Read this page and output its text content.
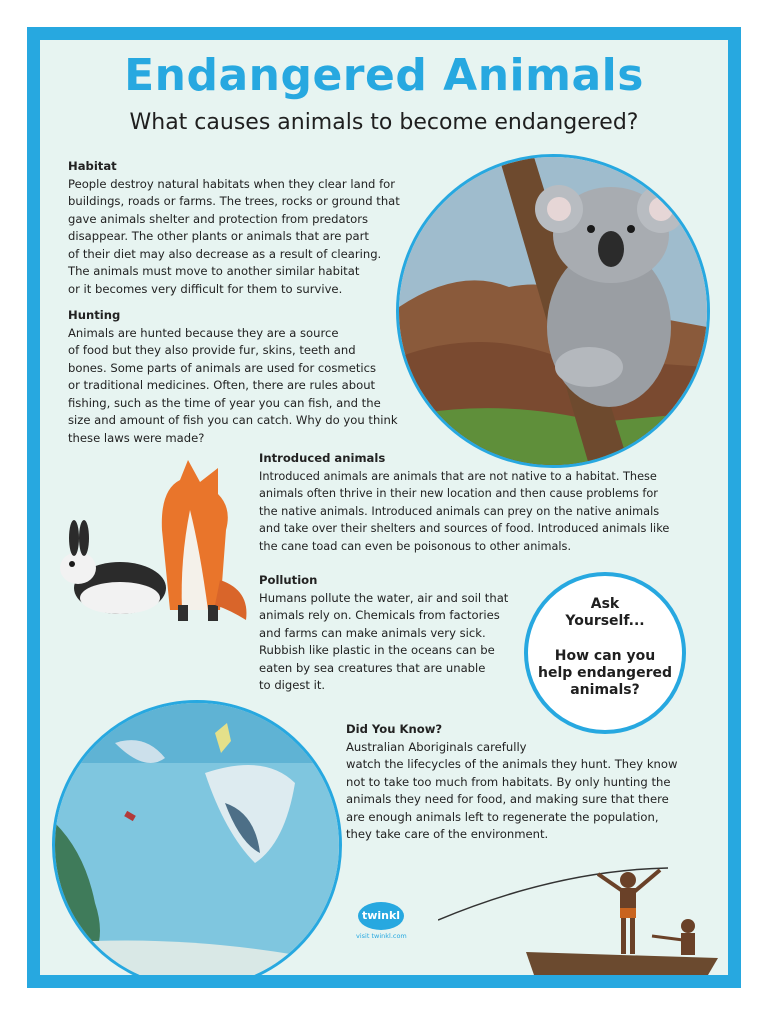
Endangered Animals
What causes animals to become endangered?
Ask
Yourself...
How can you help endangered animals?
Habitat

People destroy natural habitats when they clear land for

buildings, roads or farms. The trees, rocks or ground that

gave animals shelter and protection from predators

disappear. The other plants or animals that are part

of their diet may also decrease as a result of clearing.

The animals must move to another similar habitat

or it becomes very difficult for them to survive.

Hunting

Animals are hunted because they are a source

of food but they also provide fur, skins, teeth and

bones. Some parts of animals are used for cosmetics

or traditional medicines. Often, there are rules about

fishing, such as the time of year you can fish, and the

size and amount of fish you can catch. Why do you think

these laws were made?

Introduced animals

Introduced animals are animals that are not native to a habitat. These

animals often thrive in their new location and then cause problems for

the native animals. Introduced animals can prey on the native animals

and take over their shelters and sources of food. Introduced animals like

the cane toad can even be poisonous to other animals.

Pollution

Humans pollute the water, air and soil that

animals rely on. Chemicals from factories

and farms can make animals very sick.

Rubbish like plastic in the oceans can be

eaten by sea creatures that are unable

to digest it.

Did You Know?

Australian Aboriginals carefully

watch the lifecycles of the animals they hunt. They know

not to take too much from habitats. By only hunting the

animals they need for food, and making sure that there

are enough animals left to regenerate the population,

they take care of the environment.

twinkl
visit twinkl.com
